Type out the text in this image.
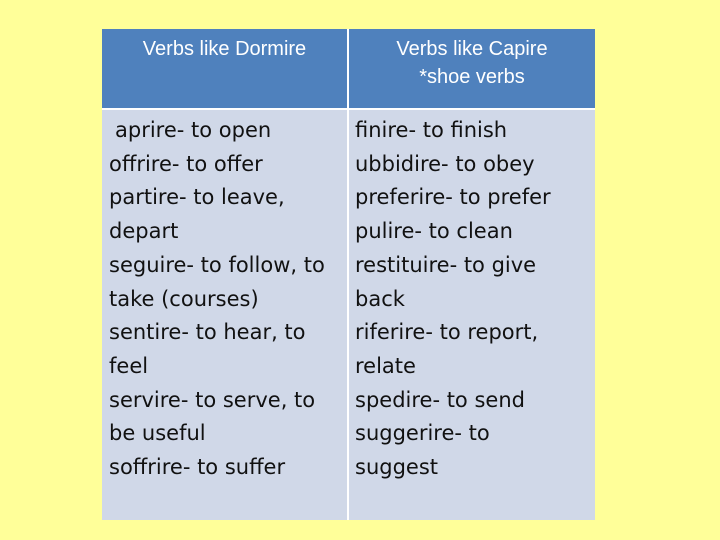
Verbs like Dormire	Verbs like Capire
*shoe verbs
aprire- to open
offrire- to offer
partire- to leave,
depart
seguire- to follow, to
take (courses)
sentire- to hear, to
feel
servire- to serve, to
be useful
soffrire- to suffer
finire- to finish
ubbidire- to obey
preferire- to prefer
pulire- to clean
restituire- to give
back
riferire- to report,
relate
spedire- to send
suggerire- to
suggest
